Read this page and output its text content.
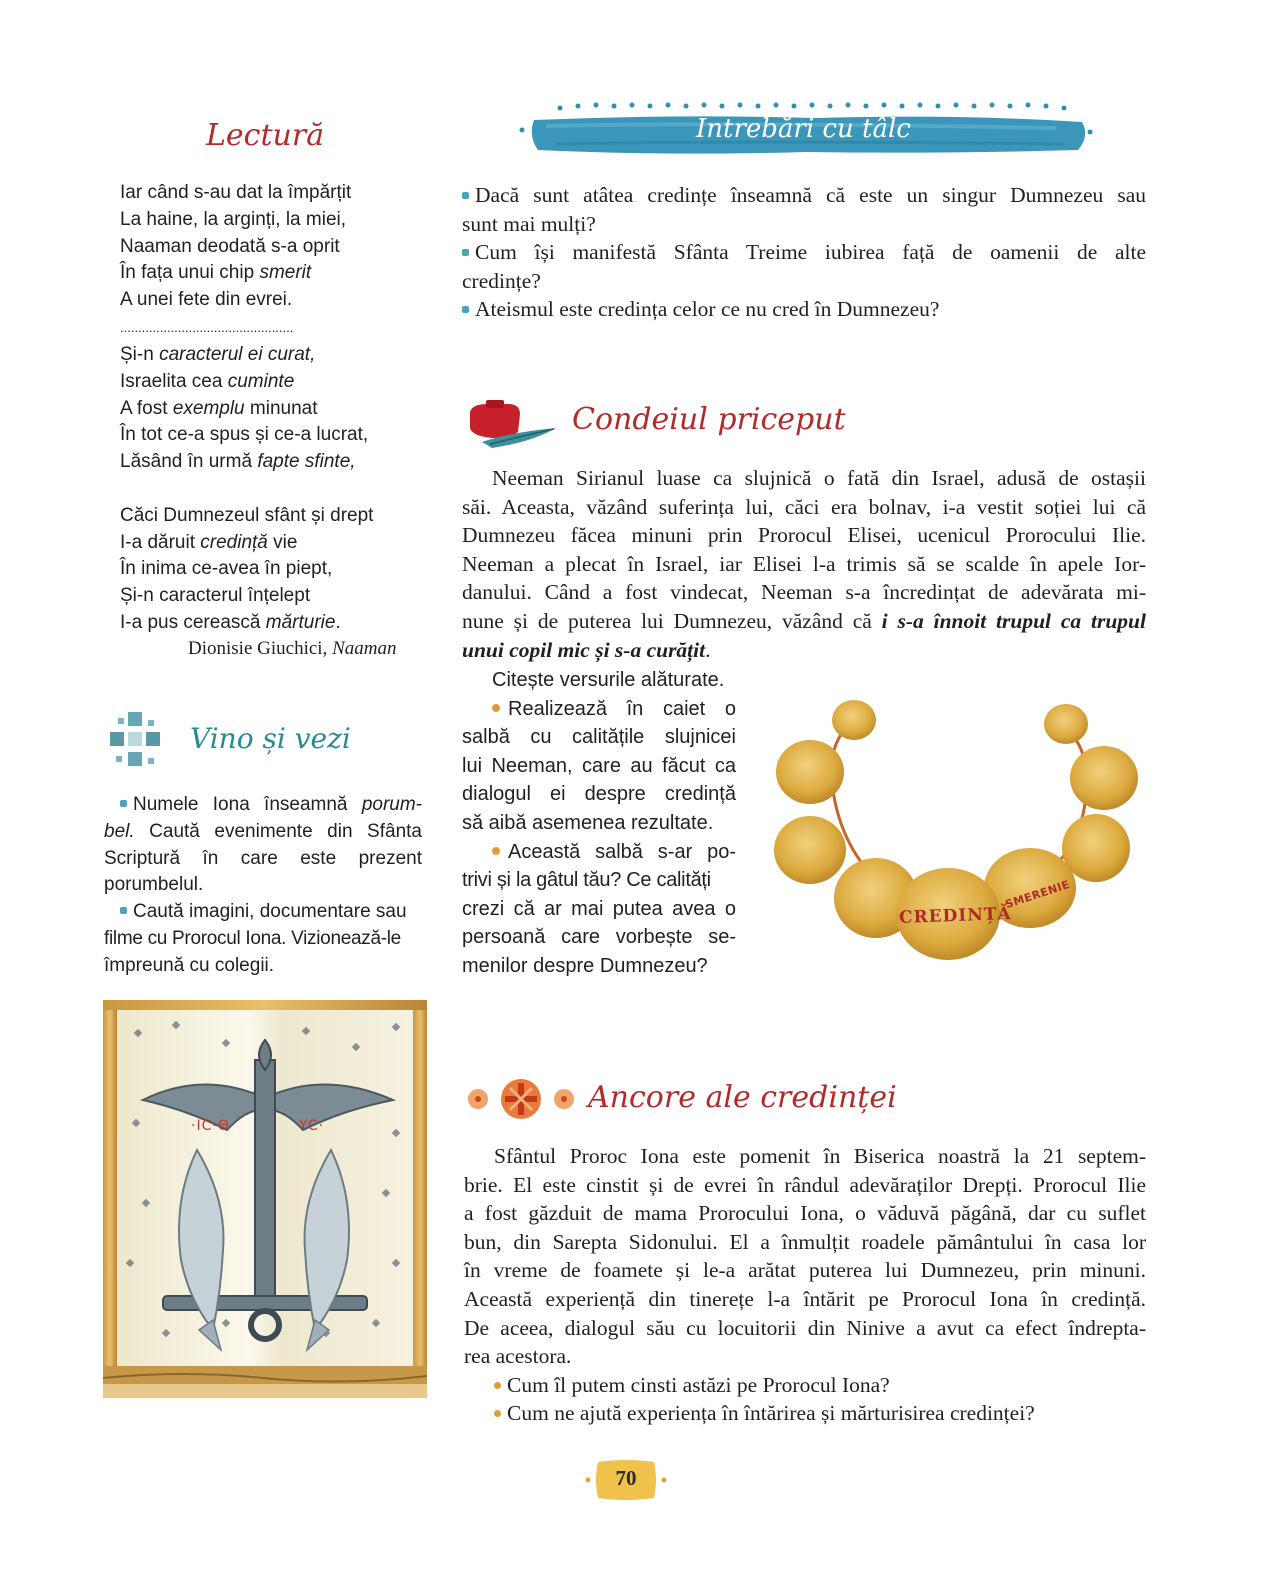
Lectură
Iar când s-au dat la împărțit
La haine, la arginți, la miei,
Naaman deodată s-a oprit
În fața unui chip smerit
A unei fete din evrei.
................................................
Și-n caracterul ei curat,
Israelita cea cuminte
A fost exemplu minunat
În tot ce-a spus și ce-a lucrat,
Lăsând în urmă fapte sfinte,
Căci Dumnezeul sfânt și drept
I-a dăruit credință vie
În inima ce-avea în piept,
Și-n caracterul înțelept
I-a pus cerească mărturie.
Dionisie Giuchici, Naaman
Vino și vezi
Numele Iona înseamnă porum-
bel. Caută evenimente din Sfânta
Scriptură în care este prezent
porumbelul.
Caută imagini, documentare sau
filme cu Prorocul Iona. Vizionează-le
împreună cu colegii.
·IC·Θ·	YC·
Întrebări cu tâlc
Dacă sunt atâtea credințe înseamnă că este un singur Dumnezeu sau
sunt mai mulți?
Cum își manifestă Sfânta Treime iubirea față de oamenii de alte
credințe?
Ateismul este credința celor ce nu cred în Dumnezeu?
Condeiul priceput
Neeman Sirianul luase ca slujnică o fată din Israel, adusă de ostașii
săi. Aceasta, văzând suferința lui, căci era bolnav, i-a vestit soției lui că
Dumnezeu făcea minuni prin Prorocul Elisei, ucenicul Prorocului Ilie.
Neeman a plecat în Israel, iar Elisei l-a trimis să se scalde în apele Ior-
danului. Când a fost vindecat, Neeman s-a încredințat de adevărata mi-
nune și de puterea lui Dumnezeu, văzând că i s-a înnoit trupul ca trupul
unui copil mic și s-a curățit.
Citește versurile alăturate.
Realizează în caiet o
salbă cu calitățile slujnicei
lui Neeman, care au făcut ca
dialogul ei despre credință
să aibă asemenea rezultate.
Această salbă s-ar po-
trivi și la gâtul tău? Ce calități
crezi că ar mai putea avea o
persoană care vorbește se-
menilor despre Dumnezeu?
CREDINȚĂ
SMERENIE
Ancore ale credinței
Sfântul Proroc Iona este pomenit în Biserica noastră la 21 septem-
brie. El este cinstit și de evrei în rândul adevăraților Drepți. Prorocul Ilie
a fost găzduit de mama Prorocului Iona, o văduvă păgână, dar cu suflet
bun, din Sarepta Sidonului. El a înmulțit roadele pământului în casa lor
în vreme de foamete și le-a arătat puterea lui Dumnezeu, prin minuni.
Această experiență din tinerețe l-a întărit pe Prorocul Iona în credință.
De aceea, dialogul său cu locuitorii din Ninive a avut ca efect îndrepta-
rea acestora.
Cum îl putem cinsti astăzi pe Prorocul Iona?
Cum ne ajută experiența în întărirea și mărturisirea credinței?
70
